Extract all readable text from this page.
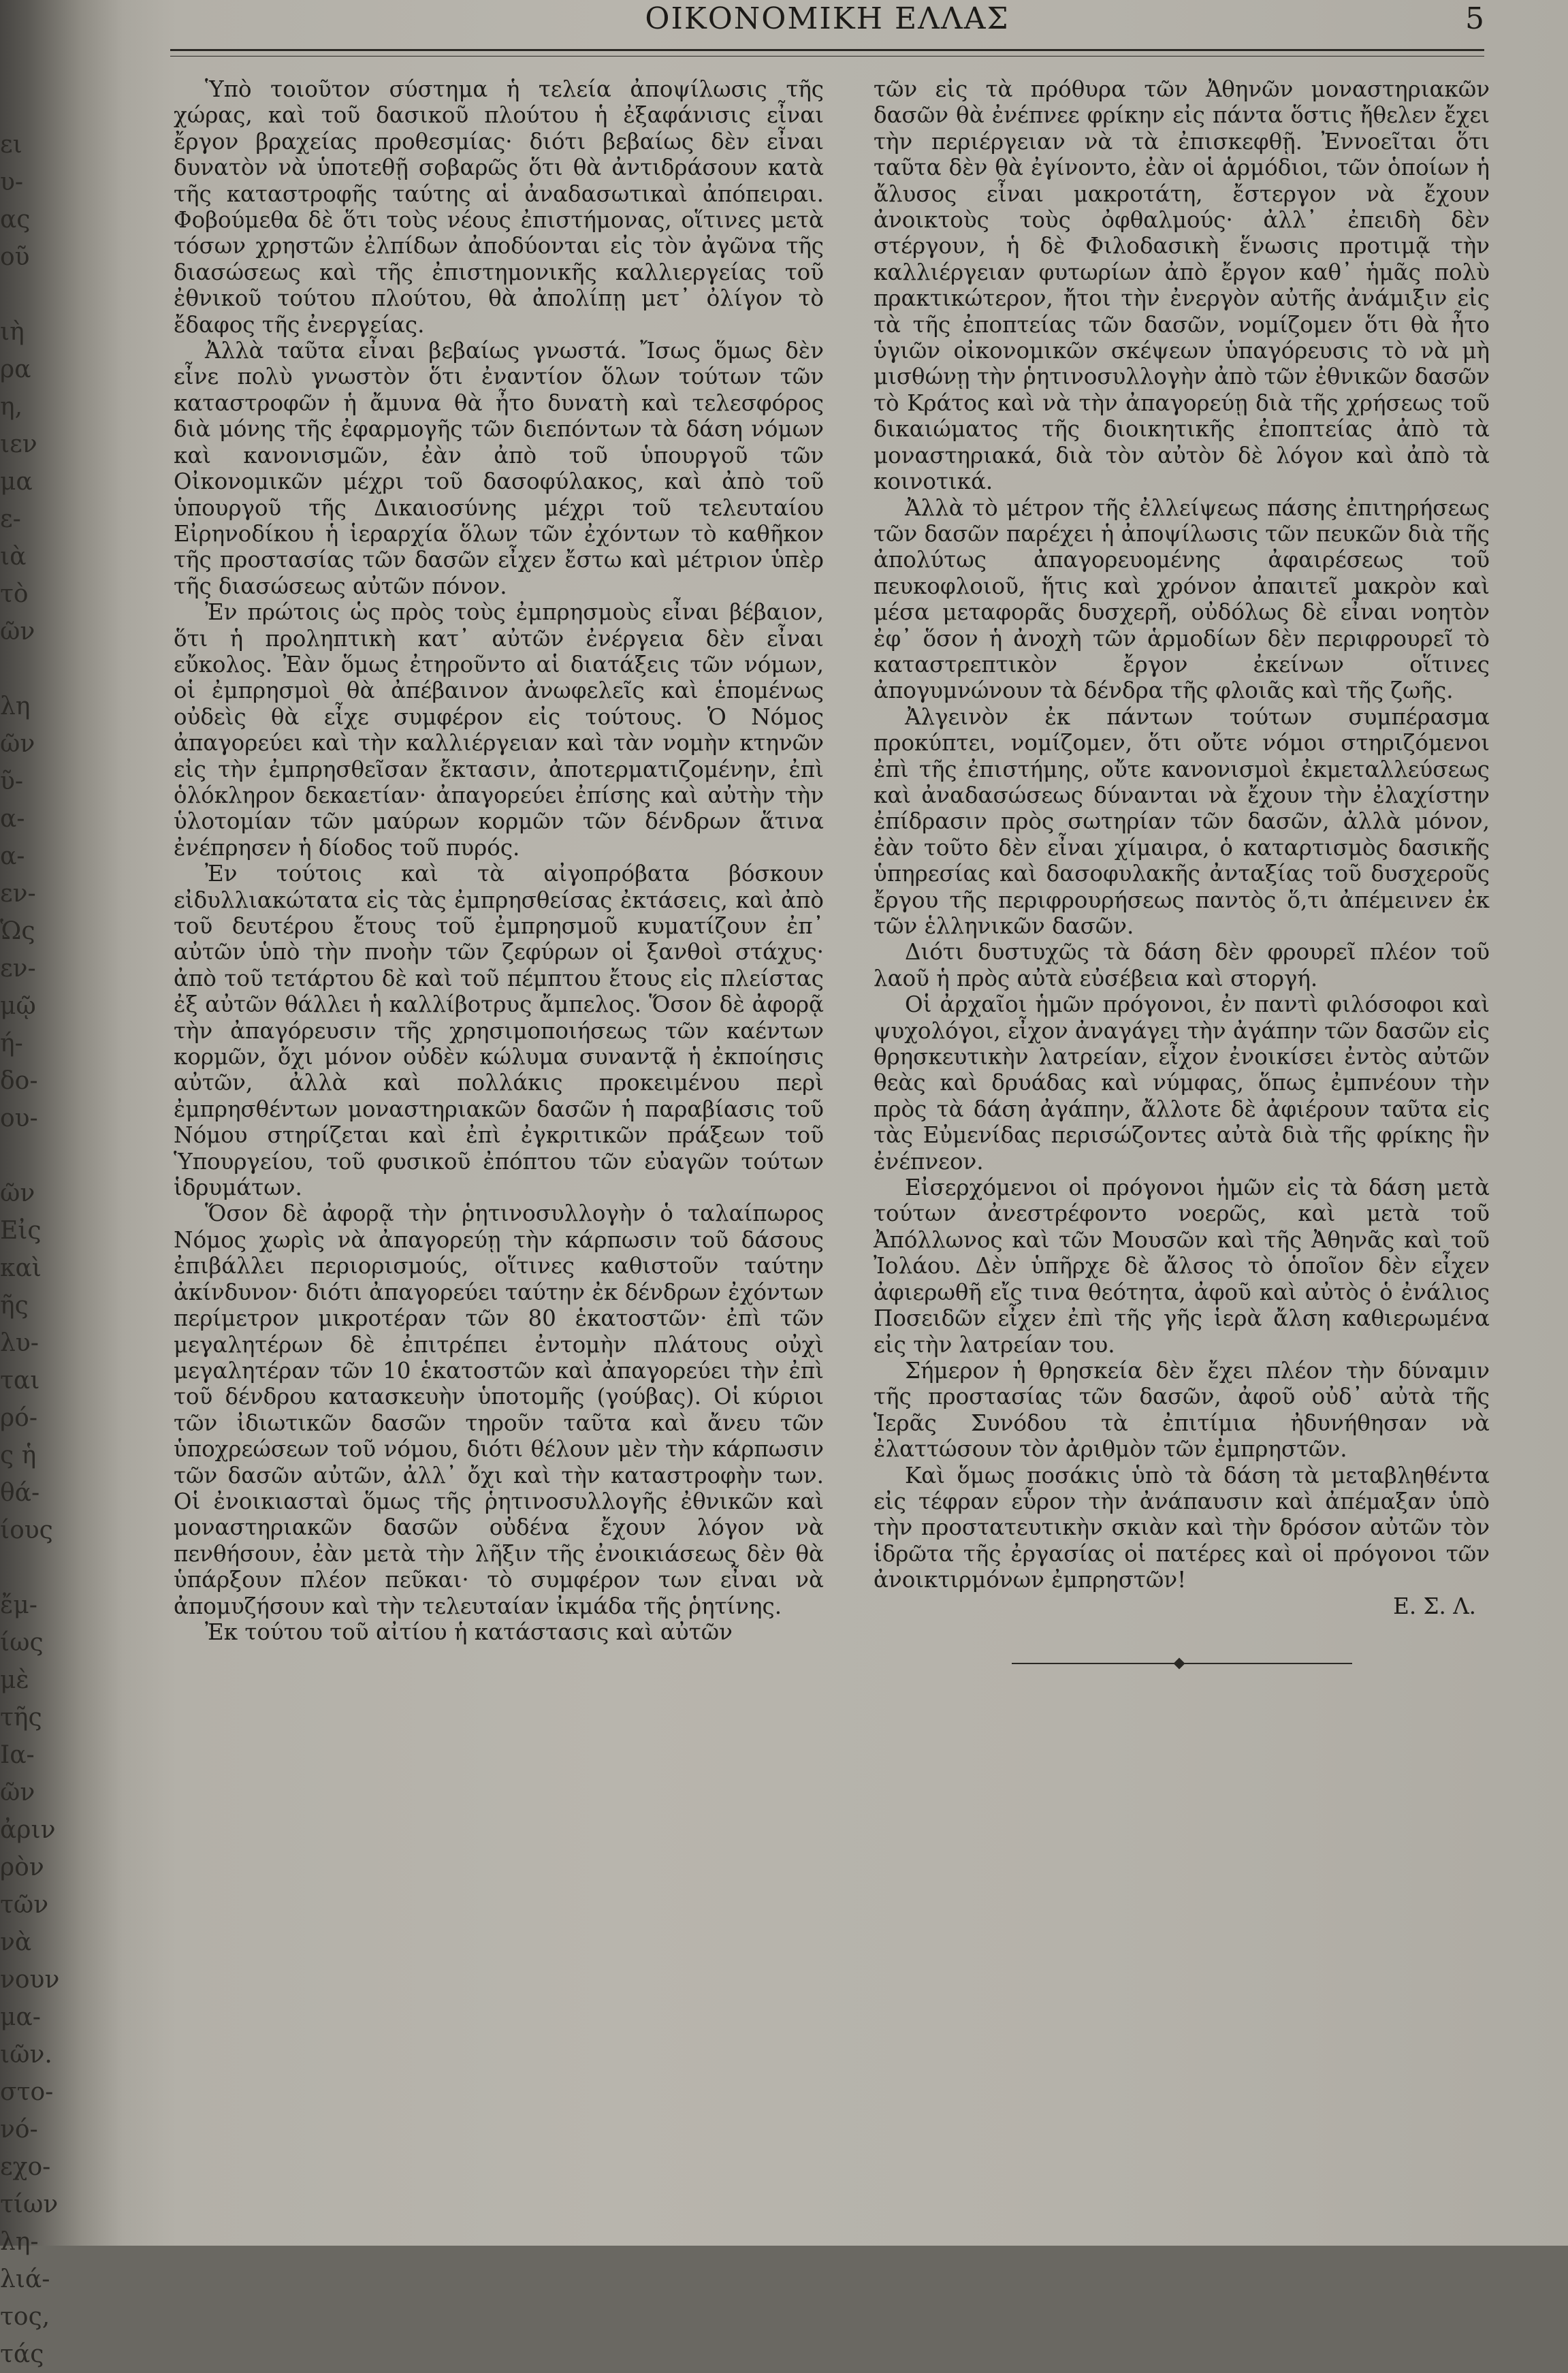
ει
υ-
ας
οῦ
ιὴ
ρα
η,
ιεν
μα
ε-
ιὰ
τὸ
ῶν
λη
ῶν
ῦ-
α-
α-
εν-
Ὡς
εν-
μῷ
ή-
δο-
ου-
ῶν
Εἰς
καὶ
ῆς
λυ-
ται
ρό-
ς ἡ
θά-
ίους
ἔμ-
ίως
μὲ
τῆς
Ια-
ῶν
ἀριν
ρὸν
τῶν
νὰ
νουν
μα-
ιῶν.
στο-
νό-
εχο-
τίων
λη-
λιά-
τος,
τάς
ΟΙΚΟΝΟΜΙΚΗ ΕΛΛΑΣ	5

Ὑπὸ τοιοῦτον σύστημα ἡ τελεία ἀποψίλωσις τῆς χώρας, καὶ τοῦ δασικοῦ πλούτου ἡ ἐξαφάνισις εἶναι ἔργον βραχείας προθεσμίας· διότι βεβαίως δὲν εἶναι δυνατὸν νὰ ὑποτεθῇ σοβαρῶς ὅτι θὰ ἀντιδράσουν κατὰ τῆς καταστροφῆς ταύτης αἱ ἀναδασωτικαὶ ἀπόπειραι. Φοβούμεθα δὲ ὅτι τοὺς νέους ἐπιστήμονας, οἵτινες μετὰ τόσων χρηστῶν ἐλπίδων ἀποδύονται εἰς τὸν ἀγῶνα τῆς διασώσεως καὶ τῆς ἐπιστημονικῆς καλλιεργείας τοῦ ἐθνικοῦ τούτου πλούτου, θὰ ἀπολίπῃ μετ᾽ ὀλίγον τὸ ἔδαφος τῆς ἐνεργείας.

Ἀλλὰ ταῦτα εἶναι βεβαίως γνωστά. Ἴσως ὅμως δὲν εἶνε πολὺ γνωστὸν ὅτι ἐναντίον ὅλων τούτων τῶν καταστροφῶν ἡ ἄμυνα θὰ ἦτο δυνατὴ καὶ τελεσφόρος διὰ μόνης τῆς ἐφαρμογῆς τῶν διεπόντων τὰ δάση νόμων καὶ κανονισμῶν, ἐὰν ἀπὸ τοῦ ὑπουργοῦ τῶν Οἰκονομικῶν μέχρι τοῦ δασοφύλακος, καὶ ἀπὸ τοῦ ὑπουργοῦ τῆς Δικαιοσύνης μέχρι τοῦ τελευταίου Εἰρηνοδίκου ἡ ἱεραρχία ὅλων τῶν ἐχόντων τὸ καθῆκον τῆς προστασίας τῶν δασῶν εἶχεν ἔστω καὶ μέτριον ὑπὲρ τῆς διασώσεως αὐτῶν πόνον.

Ἐν πρώτοις ὡς πρὸς τοὺς ἐμπρησμοὺς εἶναι βέβαιον, ὅτι ἡ προληπτικὴ κατ᾽ αὐτῶν ἐνέργεια δὲν εἶναι εὔκολος. Ἐὰν ὅμως ἐτηροῦντο αἱ διατάξεις τῶν νόμων, οἱ ἐμπρησμοὶ θὰ ἀπέβαινον ἀνωφελεῖς καὶ ἑπομένως οὐδεὶς θὰ εἶχε συμφέρον εἰς τούτους. Ὁ Νόμος ἀπαγορεύει καὶ τὴν καλλιέργειαν καὶ τὰν νομὴν κτηνῶν εἰς τὴν ἐμπρησθεῖσαν ἔκτασιν, ἀποτερματιζομένην, ἐπὶ ὁλόκληρον δεκαετίαν· ἀπαγορεύει ἐπίσης καὶ αὐτὴν τὴν ὑλοτομίαν τῶν μαύρων κορμῶν τῶν δένδρων ἅτινα ἐνέπρησεν ἡ δίοδος τοῦ πυρός.

Ἐν τούτοις καὶ τὰ αἰγοπρόβατα βόσκουν εἰδυλλιακώτατα εἰς τὰς ἐμπρησθείσας ἐκτάσεις, καὶ ἀπὸ τοῦ δευτέρου ἔτους τοῦ ἐμπρησμοῦ κυματίζουν ἐπ᾽ αὐτῶν ὑπὸ τὴν πνοὴν τῶν ζεφύρων οἱ ξανθοὶ στάχυς· ἀπὸ τοῦ τετάρτου δὲ καὶ τοῦ πέμπτου ἔτους εἰς πλείστας ἐξ αὐτῶν θάλλει ἡ καλλίβοτρυς ἄμπελος. Ὅσον δὲ ἀφορᾷ τὴν ἀπαγόρευσιν τῆς χρησιμοποιήσεως τῶν καέντων κορμῶν, ὄχι μόνον οὐδὲν κώλυμα συναντᾷ ἡ ἐκποίησις αὐτῶν, ἀλλὰ καὶ πολλάκις προκειμένου περὶ ἐμπρησθέντων μοναστηριακῶν δασῶν ἡ παραβίασις τοῦ Νόμου στηρίζεται καὶ ἐπὶ ἐγκριτικῶν πράξεων τοῦ Ὑπουργείου, τοῦ φυσικοῦ ἐπόπτου τῶν εὐαγῶν τούτων ἱδρυμάτων.

Ὅσον δὲ ἀφορᾷ τὴν ῥητινοσυλλογὴν ὁ ταλαίπωρος Νόμος χωρὶς νὰ ἀπαγορεύῃ τὴν κάρπωσιν τοῦ δάσους ἐπιβάλλει περιορισμούς, οἵτινες καθιστοῦν ταύτην ἀκίνδυνον· διότι ἀπαγορεύει ταύτην ἐκ δένδρων ἐχόντων περίμετρον μικροτέραν τῶν 80 ἑκατοστῶν· ἐπὶ τῶν μεγαλητέρων δὲ ἐπιτρέπει ἐντομὴν πλάτους οὐχὶ μεγαλητέραν τῶν 10 ἑκατοστῶν καὶ ἀπαγορεύει τὴν ἐπὶ τοῦ δένδρου κατασκευὴν ὑποτομῆς (γούβας). Οἱ κύριοι τῶν ἰδιωτικῶν δασῶν τηροῦν ταῦτα καὶ ἄνευ τῶν ὑποχρεώσεων τοῦ νόμου, διότι θέλουν μὲν τὴν κάρπωσιν τῶν δασῶν αὐτῶν, ἀλλ᾽ ὄχι καὶ τὴν καταστροφὴν των. Οἱ ἐνοικιασταὶ ὅμως τῆς ῥητινοσυλλογῆς ἐθνικῶν καὶ μοναστηριακῶν δασῶν οὐδένα ἔχουν λόγον νὰ πενθήσουν, ἐὰν μετὰ τὴν λῆξιν τῆς ἐνοικιάσεως δὲν θὰ ὑπάρξουν πλέον πεῦκαι· τὸ συμφέρον των εἶναι νὰ ἀπομυζήσουν καὶ τὴν τελευταίαν ἰκμάδα τῆς ῥητίνης.

Ἐκ τούτου τοῦ αἰτίου ἡ κατάστασις καὶ αὐτῶν

τῶν εἰς τὰ πρόθυρα τῶν Ἀθηνῶν μοναστηριακῶν δασῶν θὰ ἐνέπνεε φρίκην εἰς πάντα ὅστις ἤθελεν ἔχει τὴν περιέργειαν νὰ τὰ ἐπισκεφθῇ. Ἐννοεῖται ὅτι ταῦτα δὲν θὰ ἐγίνοντο, ἐὰν οἱ ἁρμόδιοι, τῶν ὁποίων ἡ ἄλυσος εἶναι μακροτάτη, ἔστεργον νὰ ἔχουν ἀνοικτοὺς τοὺς ὀφθαλμούς· ἀλλ᾽ ἐπειδὴ δὲν στέργουν, ἡ δὲ Φιλοδασικὴ ἕνωσις προτιμᾷ τὴν καλλιέργειαν φυτωρίων ἀπὸ ἔργον καθ᾽ ἡμᾶς πολὺ πρακτικώτερον, ἤτοι τὴν ἐνεργὸν αὐτῆς ἀνάμιξιν εἰς τὰ τῆς ἐποπτείας τῶν δασῶν, νομίζομεν ὅτι θὰ ἦτο ὑγιῶν οἰκονομικῶν σκέψεων ὑπαγόρευσις τὸ νὰ μὴ μισθώνῃ τὴν ῥητινοσυλλογὴν ἀπὸ τῶν ἐθνικῶν δασῶν τὸ Κράτος καὶ νὰ τὴν ἀπαγορεύῃ διὰ τῆς χρήσεως τοῦ δικαιώματος τῆς διοικητικῆς ἐποπτείας ἀπὸ τὰ μοναστηριακά, διὰ τὸν αὐτὸν δὲ λόγον καὶ ἀπὸ τὰ κοινοτικά.

Ἀλλὰ τὸ μέτρον τῆς ἐλλείψεως πάσης ἐπιτηρήσεως τῶν δασῶν παρέχει ἡ ἀποψίλωσις τῶν πευκῶν διὰ τῆς ἀπολύτως ἀπαγορευομένης ἀφαιρέσεως τοῦ πευκοφλοιοῦ, ἥτις καὶ χρόνον ἀπαιτεῖ μακρὸν καὶ μέσα μεταφορᾶς δυσχερῆ, οὐδόλως δὲ εἶναι νοητὸν ἐφ᾽ ὅσον ἡ ἀνοχὴ τῶν ἁρμοδίων δὲν περιφρουρεῖ τὸ καταστρεπτικὸν ἔργον ἐκείνων οἵτινες ἀπογυμνώνουν τὰ δένδρα τῆς φλοιᾶς καὶ τῆς ζωῆς.

Ἀλγεινὸν ἐκ πάντων τούτων συμπέρασμα προκύπτει, νομίζομεν, ὅτι οὔτε νόμοι στηριζόμενοι ἐπὶ τῆς ἐπιστήμης, οὔτε κανονισμοὶ ἐκμεταλλεύσεως καὶ ἀναδασώσεως δύνανται νὰ ἔχουν τὴν ἐλαχίστην ἐπίδρασιν πρὸς σωτηρίαν τῶν δασῶν, ἀλλὰ μόνον, ἐὰν τοῦτο δὲν εἶναι χίμαιρα, ὁ καταρτισμὸς δασικῆς ὑπηρεσίας καὶ δασοφυλακῆς ἀνταξίας τοῦ δυσχεροῦς ἔργου τῆς περιφρουρήσεως παντὸς ὅ,τι ἀπέμεινεν ἐκ τῶν ἑλληνικῶν δασῶν.

Διότι δυστυχῶς τὰ δάση δὲν φρουρεῖ πλέον τοῦ λαοῦ ἡ πρὸς αὐτὰ εὐσέβεια καὶ στοργή.

Οἱ ἀρχαῖοι ἡμῶν πρόγονοι, ἐν παντὶ φιλόσοφοι καὶ ψυχολόγοι, εἶχον ἀναγάγει τὴν ἀγάπην τῶν δασῶν εἰς θρησκευτικὴν λατρείαν, εἶχον ἐνοικίσει ἐντὸς αὐτῶν θεὰς καὶ δρυάδας καὶ νύμφας, ὅπως ἐμπνέουν τὴν πρὸς τὰ δάση ἀγάπην, ἄλλοτε δὲ ἀφιέρουν ταῦτα εἰς τὰς Εὐμενίδας περισώζοντες αὐτὰ διὰ τῆς φρίκης ἣν ἐνέπνεον.

Εἰσερχόμενοι οἱ πρόγονοι ἡμῶν εἰς τὰ δάση μετὰ τούτων ἀνεστρέφοντο νοερῶς, καὶ μετὰ τοῦ Ἀπόλλωνος καὶ τῶν Μουσῶν καὶ τῆς Ἀθηνᾶς καὶ τοῦ Ἰολάου. Δὲν ὑπῆρχε δὲ ἄλσος τὸ ὁποῖον δὲν εἶχεν ἀφιερωθῆ εἴς τινα θεότητα, ἀφοῦ καὶ αὐτὸς ὁ ἐνάλιος Ποσειδῶν εἶχεν ἐπὶ τῆς γῆς ἱερὰ ἄλση καθιερωμένα εἰς τὴν λατρείαν του.

Σήμερον ἡ θρησκεία δὲν ἔχει πλέον τὴν δύναμιν τῆς προστασίας τῶν δασῶν, ἀφοῦ οὐδ᾽ αὐτὰ τῆς Ἱερᾶς Συνόδου τὰ ἐπιτίμια ἠδυνήθησαν νὰ ἐλαττώσουν τὸν ἀριθμὸν τῶν ἐμπρηστῶν.

Καὶ ὅμως ποσάκις ὑπὸ τὰ δάση τὰ μεταβληθέντα εἰς τέφραν εὗρον τὴν ἀνάπαυσιν καὶ ἀπέμαξαν ὑπὸ τὴν προστατευτικὴν σκιὰν καὶ τὴν δρόσον αὐτῶν τὸν ἱδρῶτα τῆς ἐργασίας οἱ πατέρες καὶ οἱ πρόγονοι τῶν ἀνοικτιρμόνων ἐμπρηστῶν!

Ε. Σ. Λ.
